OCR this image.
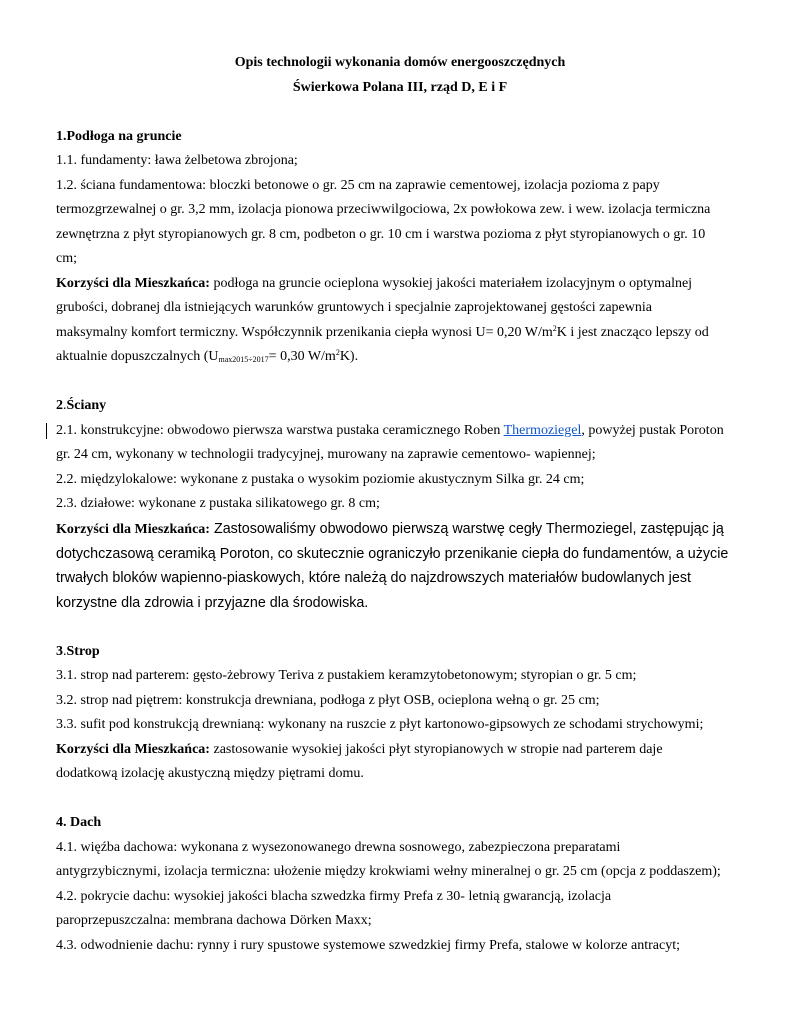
Opis technologii wykonania domów energooszczędnych

Świerkowa Polana III, rząd D, E i F

1.Podłoga na gruncie

1.1. fundamenty: ława żelbetowa zbrojona;

1.2. ściana fundamentowa: bloczki betonowe o gr. 25 cm na zaprawie cementowej, izolacja pozioma z papy

termozgrzewalnej o gr. 3,2 mm, izolacja pionowa przeciwwilgociowa, 2x powłokowa zew. i wew. izolacja termiczna

zewnętrzna z płyt styropianowych gr. 8 cm, podbeton o gr. 10 cm i warstwa pozioma z płyt styropianowych o gr. 10

cm;

Korzyści dla Mieszkańca: podłoga na gruncie ocieplona wysokiej jakości materiałem izolacyjnym o optymalnej

grubości, dobranej dla istniejących warunków gruntowych i specjalnie zaprojektowanej gęstości zapewnia

maksymalny komfort termiczny. Współczynnik przenikania ciepła wynosi U= 0,20 $W/m^2K$ i jest znacząco lepszy od

aktualnie dopuszczalnych ($U_{max2015\div 2017}= 0,30$ $W/m^2K$).

2.Ściany

2.1. konstrukcyjne: obwodowo pierwsza warstwa pustaka ceramicznego Roben Thermoziegel, powyżej pustak Poroton

gr. 24 cm, wykonany w technologii tradycyjnej, murowany na zaprawie cementowo- wapiennej;

2.2. międzylokalowe: wykonane z pustaka o wysokim poziomie akustycznym Silka gr. 24 cm;

2.3. działowe: wykonane z pustaka silikatowego gr. 8 cm;

Korzyści dla Mieszkańca: Zastosowaliśmy obwodowo pierwszą warstwę cegły Thermoziegel, zastępując ją

dotychczasową ceramiką Poroton, co skutecznie ograniczyło przenikanie ciepła do fundamentów, a użycie

trwałych bloków wapienno-piaskowych, które należą do najzdrowszych materiałów budowlanych jest

korzystne dla zdrowia i przyjazne dla środowiska.

3.Strop

3.1. strop nad parterem: gęsto-żebrowy Teriva z pustakiem keramzytobetonowym; styropian o gr. 5 cm;

3.2. strop nad piętrem: konstrukcja drewniana, podłoga z płyt OSB, ocieplona wełną o gr. 25 cm;

3.3. sufit pod konstrukcją drewnianą: wykonany na ruszcie z płyt kartonowo-gipsowych ze schodami strychowymi;

Korzyści dla Mieszkańca: zastosowanie wysokiej jakości płyt styropianowych w stropie nad parterem daje

dodatkową izolację akustyczną między piętrami domu.

4. Dach

4.1. więźba dachowa: wykonana z wysezonowanego drewna sosnowego, zabezpieczona preparatami

antygrzybicznymi, izolacja termiczna: ułożenie między krokwiami wełny mineralnej o gr. 25 cm (opcja z poddaszem);

4.2. pokrycie dachu: wysokiej jakości blacha szwedzka firmy Prefa z 30- letnią gwarancją, izolacja

paroprzepuszczalna: membrana dachowa Dörken Maxx;

4.3. odwodnienie dachu: rynny i rury spustowe systemowe szwedzkiej firmy Prefa, stalowe w kolorze antracyt;
